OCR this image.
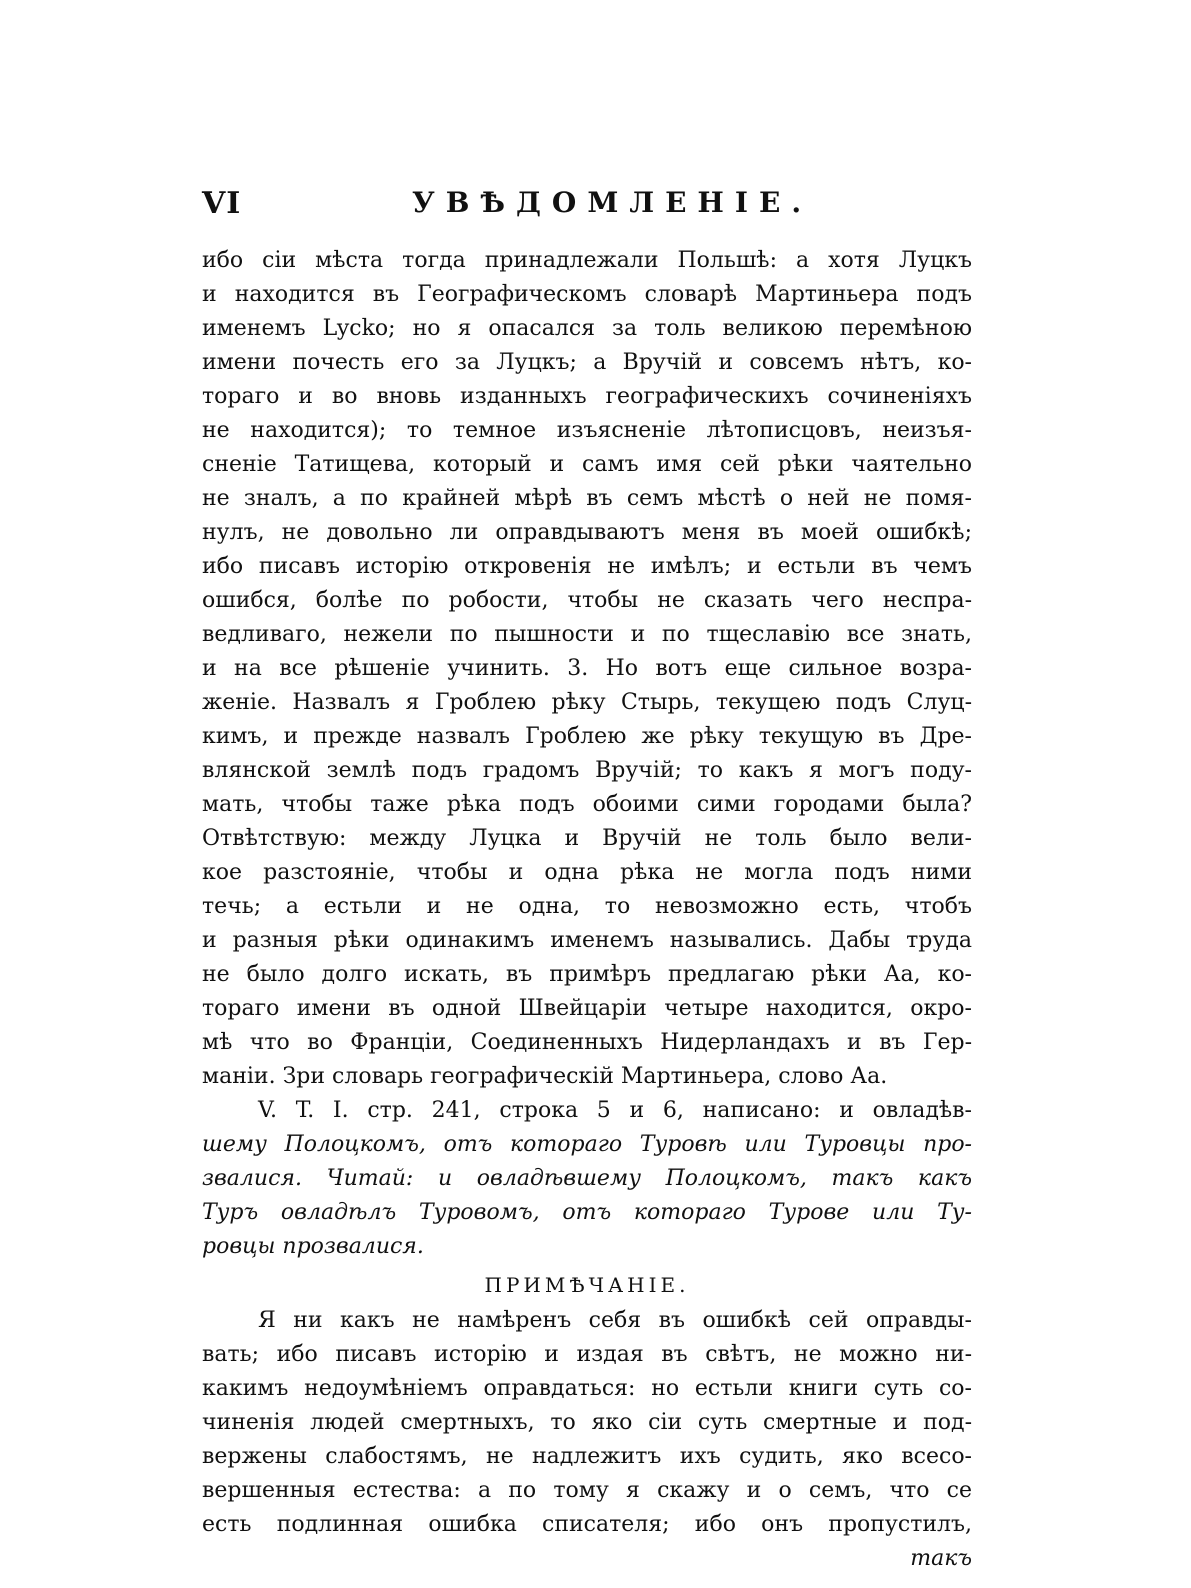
VI	УВѢДОМЛЕНІЕ.
ибо сіи мѣста тогда принадлежали Польшѣ: а хотя Луцкъ
и находится въ Географическомъ словарѣ Мартиньера подъ
именемъ Lycko; но я опасался за толь великою перемѣною
имени почесть его за Луцкъ; а Вручій и совсемъ нѣтъ, ко-
тораго и во вновь изданныхъ географическихъ сочиненіяхъ
не находится); то темное изъясненіе лѣтописцовъ, неизъя-
сненіе Татищева, который и самъ имя сей рѣки чаятельно
не зналъ, а по крайней мѣрѣ въ семъ мѣстѣ о ней не помя-
нулъ, не довольно ли оправдываютъ меня въ моей ошибкѣ;
ибо писавъ исторію откровенія не имѣлъ; и естьли въ чемъ
ошибся, болѣе по робости, чтобы не сказать чего неспра-
ведливаго, нежели по пышности и по тщеславію все знать,
и на все рѣшеніе учинить. 3. Но вотъ еще сильное возра-
женіе. Назвалъ я Гроблею рѣку Стырь, текущею подъ Слуц-
кимъ, и прежде назвалъ Гроблею же рѣку текущую въ Дре-
влянской землѣ подъ градомъ Вручій; то какъ я могъ поду-
мать, чтобы таже рѣка подъ обоими сими городами была?
Отвѣтствую: между Луцка и Вручій не толь было вели-
кое разстояніе, чтобы и одна рѣка не могла подъ ними
течь; а естьли и не одна, то невозможно есть, чтобъ
и разныя рѣки одинакимъ именемъ назывались. Дабы труда
не было долго искать, въ примѣръ предлагаю рѣки Аа, ко-
тораго имени въ одной Швейцаріи четыре находится, окро-
мѣ что во Франціи, Соединенныхъ Нидерландахъ и въ Гер-
маніи. Зри словарь географическій Мартиньера, слово Аа.
V. T. I. стр. 241, строка 5 и 6, написано: и овладѣв-
шему Полоцкомъ, отъ котораго Туровѣ или Туровцы про-
звалися. Читай: и овладѣвшему Полоцкомъ, такъ какъ
Туръ овладѣлъ Туровомъ, отъ котораго Турове или Ту-
ровцы прозвалися.
ПРИМѢЧАНІЕ.
Я ни какъ не намѣренъ себя въ ошибкѣ сей оправды-
вать; ибо писавъ исторію и издая въ свѣтъ, не можно ни-
какимъ недоумѣніемъ оправдаться: но естьли книги суть со-
чиненія людей смертныхъ, то яко сіи суть смертные и под-
вержены слабостямъ, не надлежитъ ихъ судить, яко всесо-
вершенныя естества: а по тому я скажу и о семъ, что се
есть подлинная ошибка списателя; ибо онъ пропустилъ,
такъ
